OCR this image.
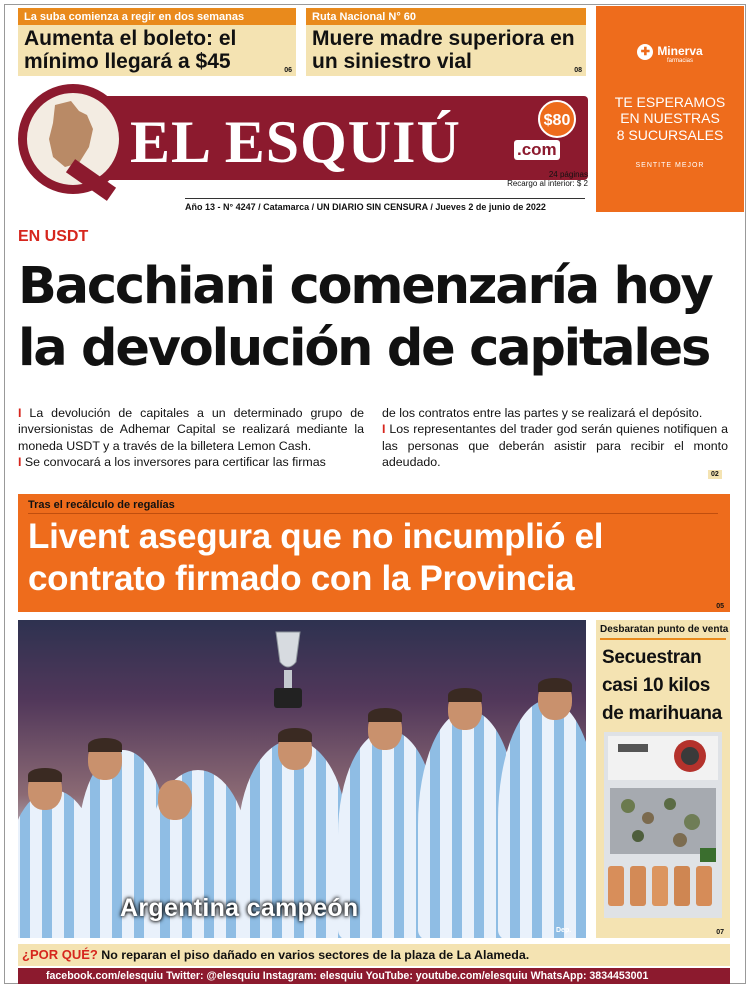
La suba comienza a regir en dos semanas
Aumenta el boleto: el mínimo llegará a $45	06
Ruta Nacional N° 60
Muere madre superiora en un siniestro vial	08
✚ Minerva
farmacias
TE ESPERAMOS
EN NUESTRAS
8 SUCURSALES
SENTITE MEJOR
EL ESQUIÚ	.com
$80
24 páginas
Recargo al interior: $ 2
Año 13 - N° 4247 / Catamarca / UN DIARIO SIN CENSURA / Jueves 2 de junio de 2022
EN USDT
Bacchiani comenzaría hoy
la devolución de capitales
I La devolución de capitales a un determinado grupo de inversionistas de Adhemar Capital se realizará mediante la moneda USDT y a través de la billetera Lemon Cash.
I Se convocará a los inversores para certificar las firmas
de los contratos entre las partes y se realizará el depósito.
I Los representantes del trader god serán quienes notifiquen a las personas que deberán asistir para recibir el monto adeudado.
02
Tras el recálculo de regalías
Livent asegura que no incumplió el
contrato firmado con la Provincia
05
Argentina campeón
Dep.
Desbaratan punto de venta
Secuestran
casi 10 kilos
de marihuana
07
¿POR QUÉ? No reparan el piso dañado en varios sectores de la plaza de La Alameda.
facebook.com/elesquiu Twitter: @elesquiu Instagram: elesquiu YouTube: youtube.com/elesquiu WhatsApp: 3834453001
